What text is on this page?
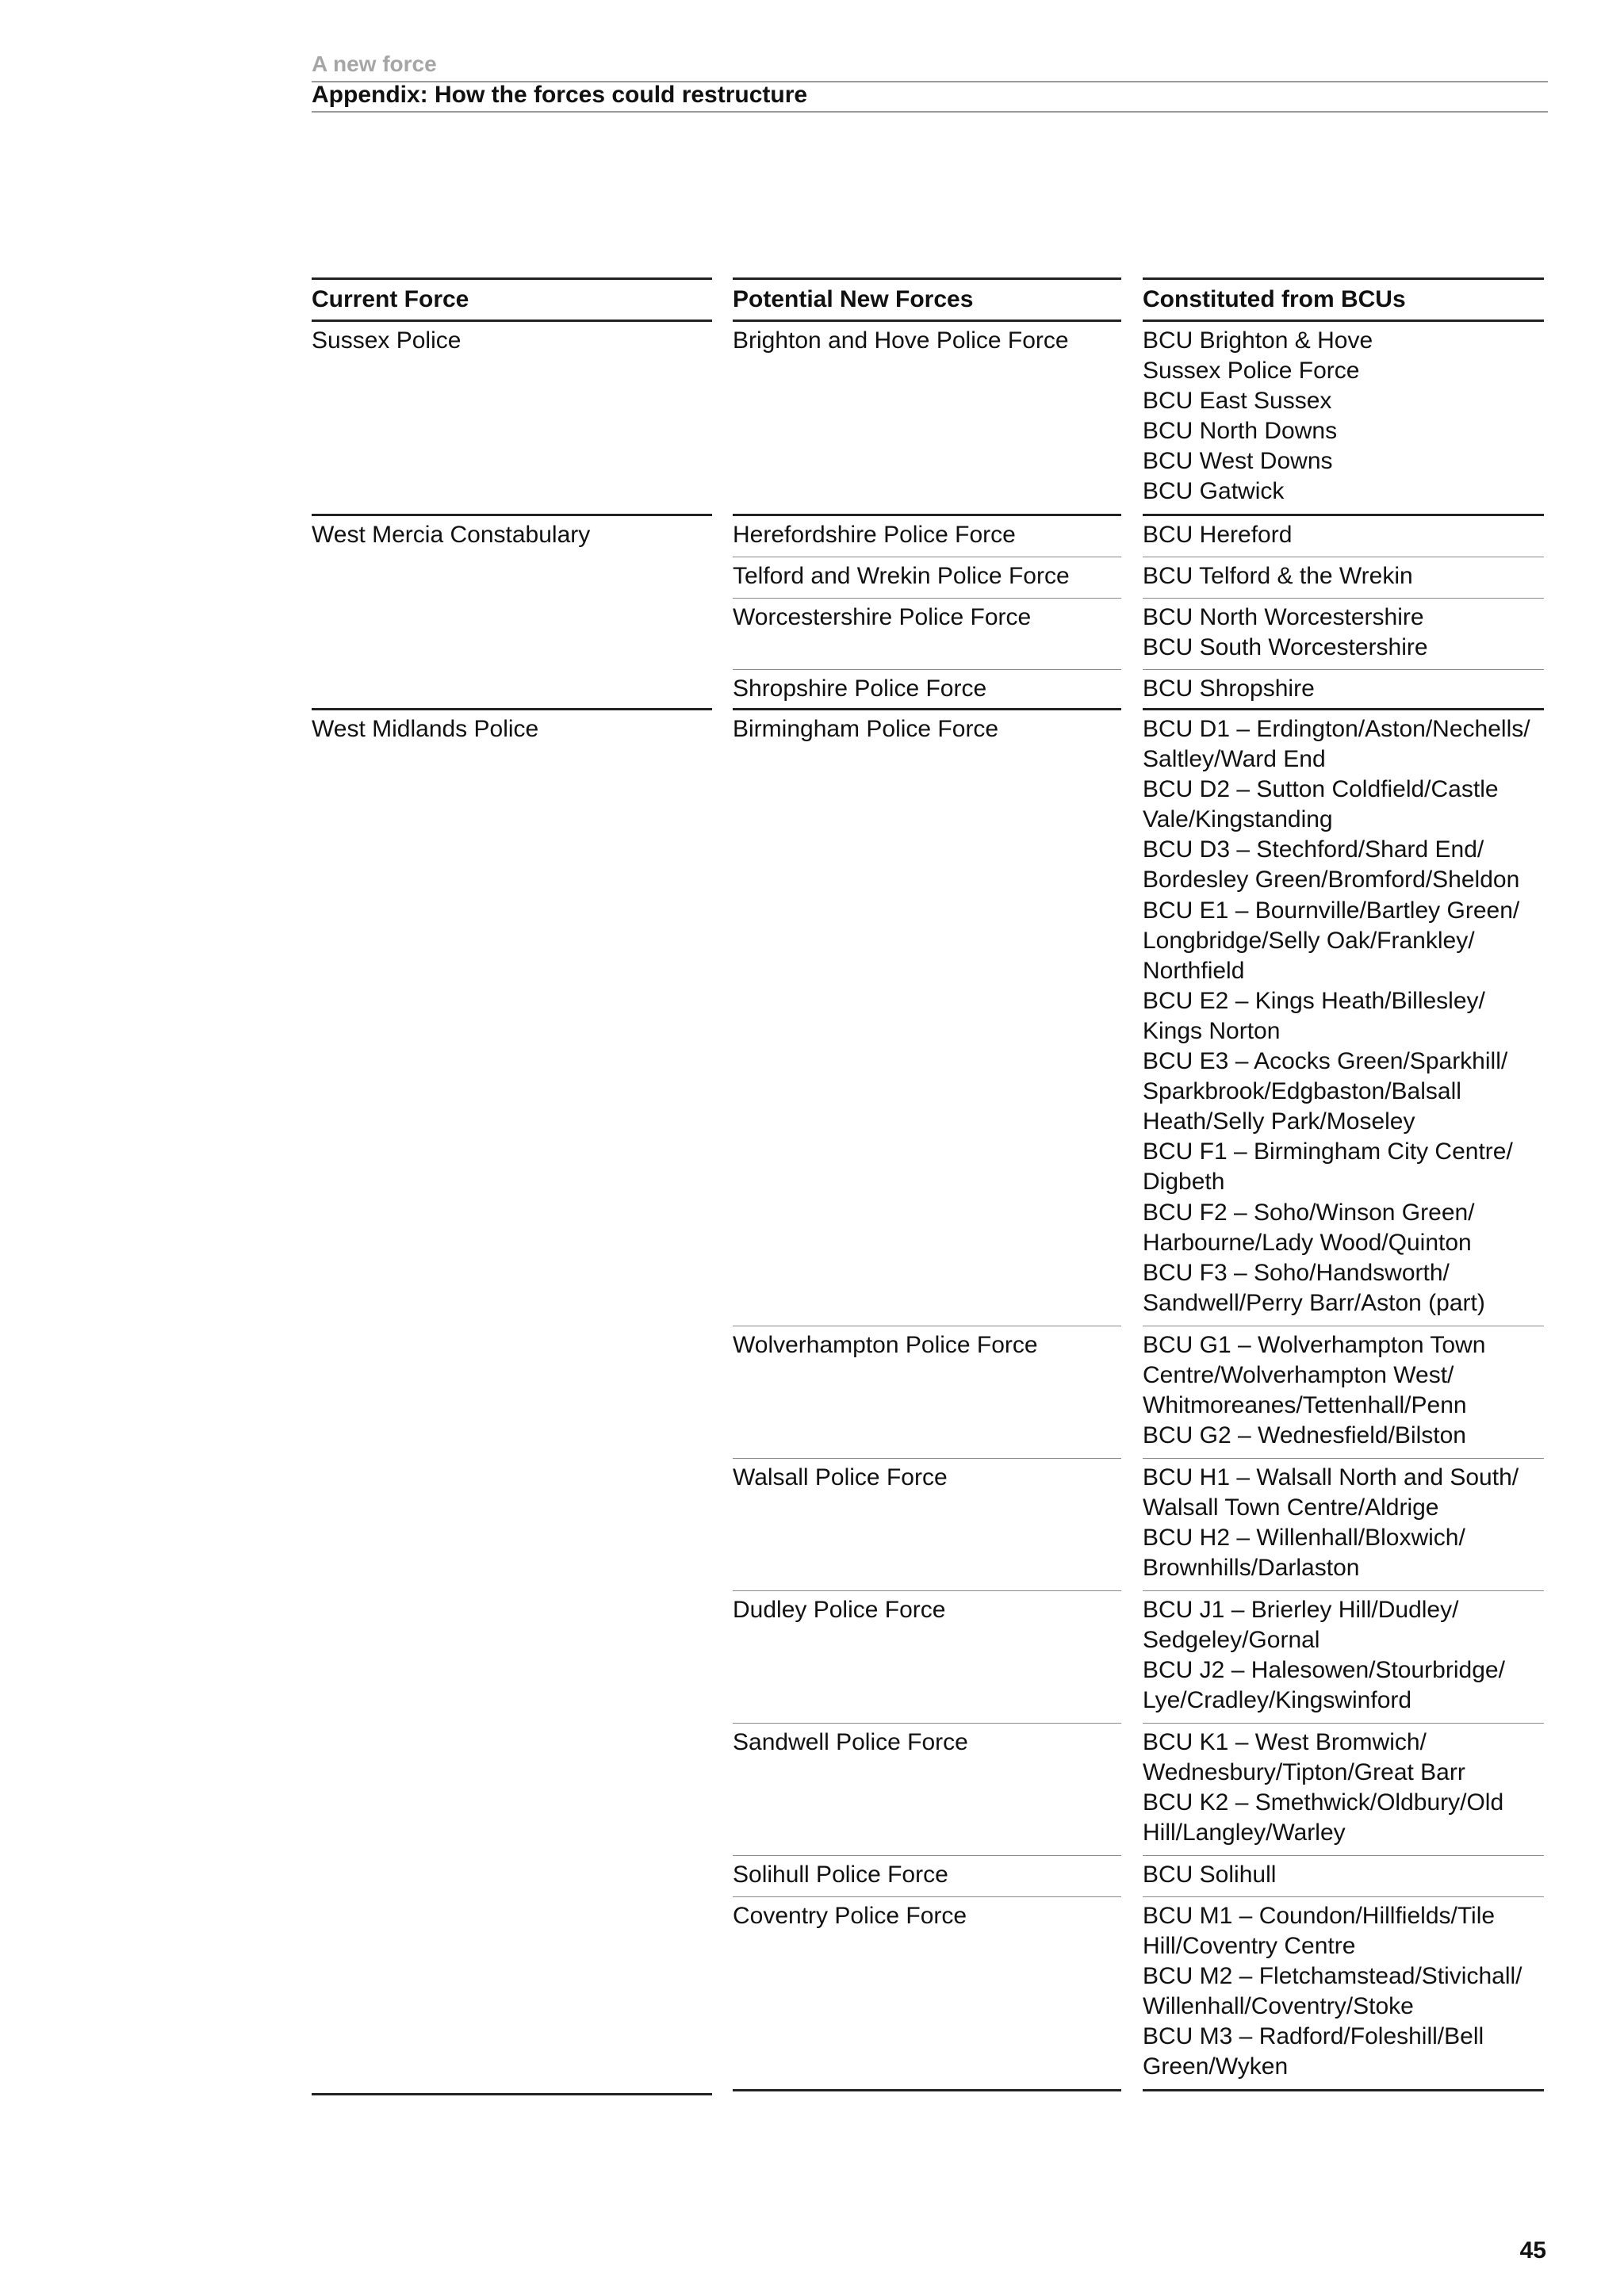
A new force
Appendix: How the forces could restructure
Current Force
Sussex Police
West Mercia Constabulary
West Midlands Police
Potential New Forces
Brighton and Hove Police Force
Herefordshire Police Force
Telford and Wrekin Police Force
Worcestershire Police Force
Shropshire Police Force
Birmingham Police Force
Wolverhampton Police Force
Walsall Police Force
Dudley Police Force
Sandwell Police Force
Solihull Police Force
Coventry Police Force
Constituted from BCUs
BCU Brighton & Hove
Sussex Police Force
BCU East Sussex
BCU North Downs
BCU West Downs
BCU Gatwick
BCU Hereford
BCU Telford & the Wrekin
BCU North Worcestershire
BCU South Worcestershire
BCU Shropshire
BCU D1 – Erdington/Aston/Nechells/
Saltley/Ward End
BCU D2 – Sutton Coldfield/Castle
Vale/Kingstanding
BCU D3 – Stechford/Shard End/
Bordesley Green/Bromford/Sheldon
BCU E1 – Bournville/Bartley Green/
Longbridge/Selly Oak/Frankley/
Northfield
BCU E2 – Kings Heath/Billesley/
Kings Norton
BCU E3 – Acocks Green/Sparkhill/
Sparkbrook/Edgbaston/Balsall
Heath/Selly Park/Moseley
BCU F1 – Birmingham City Centre/
Digbeth
BCU F2 – Soho/Winson Green/
Harbourne/Lady Wood/Quinton
BCU F3 – Soho/Handsworth/
Sandwell/Perry Barr/Aston (part)
BCU G1 – Wolverhampton Town
Centre/Wolverhampton West/
Whitmoreanes/Tettenhall/Penn
BCU G2 – Wednesfield/Bilston
BCU H1 – Walsall North and South/
Walsall Town Centre/Aldrige
BCU H2 – Willenhall/Bloxwich/
Brownhills/Darlaston
BCU J1 – Brierley Hill/Dudley/
Sedgeley/Gornal
BCU J2 – Halesowen/Stourbridge/
Lye/Cradley/Kingswinford
BCU K1 – West Bromwich/
Wednesbury/Tipton/Great Barr
BCU K2 – Smethwick/Oldbury/Old
Hill/Langley/Warley
BCU Solihull
BCU M1 – Coundon/Hillfields/Tile
Hill/Coventry Centre
BCU M2 – Fletchamstead/Stivichall/
Willenhall/Coventry/Stoke
BCU M3 – Radford/Foleshill/Bell
Green/Wyken
45
